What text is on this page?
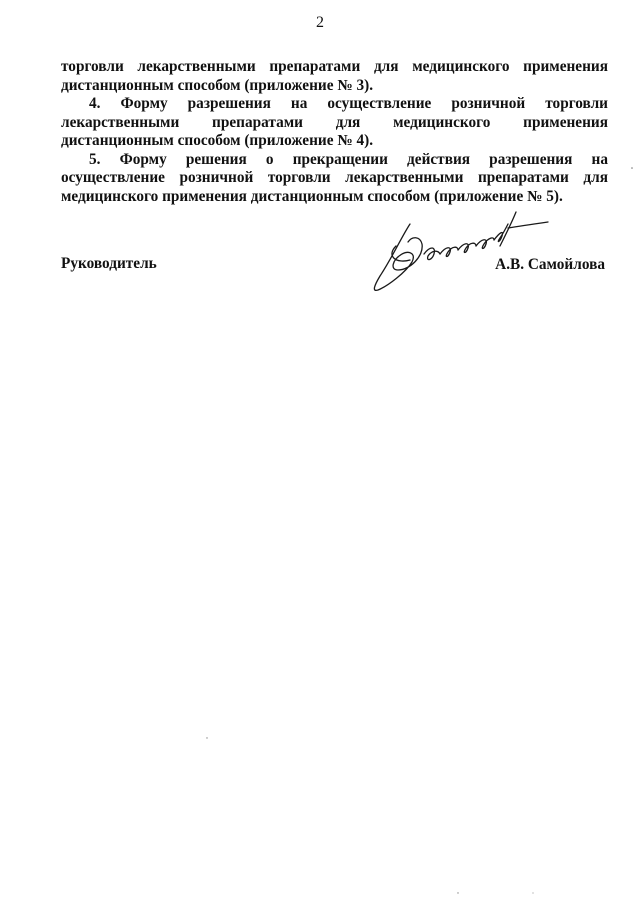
2

торговли лекарственными препаратами для медицинского применения дистанционным способом (приложение № 3).

4. Форму разрешения на осуществление розничной торговли лекарственными препаратами для медицинского применения дистанционным способом (приложение № 4).

5. Форму решения о прекращении действия разрешения на осуществление розничной торговли лекарственными препаратами для медицинского применения дистанционным способом (приложение № 5).

Руководитель	А.В. Самойлова
